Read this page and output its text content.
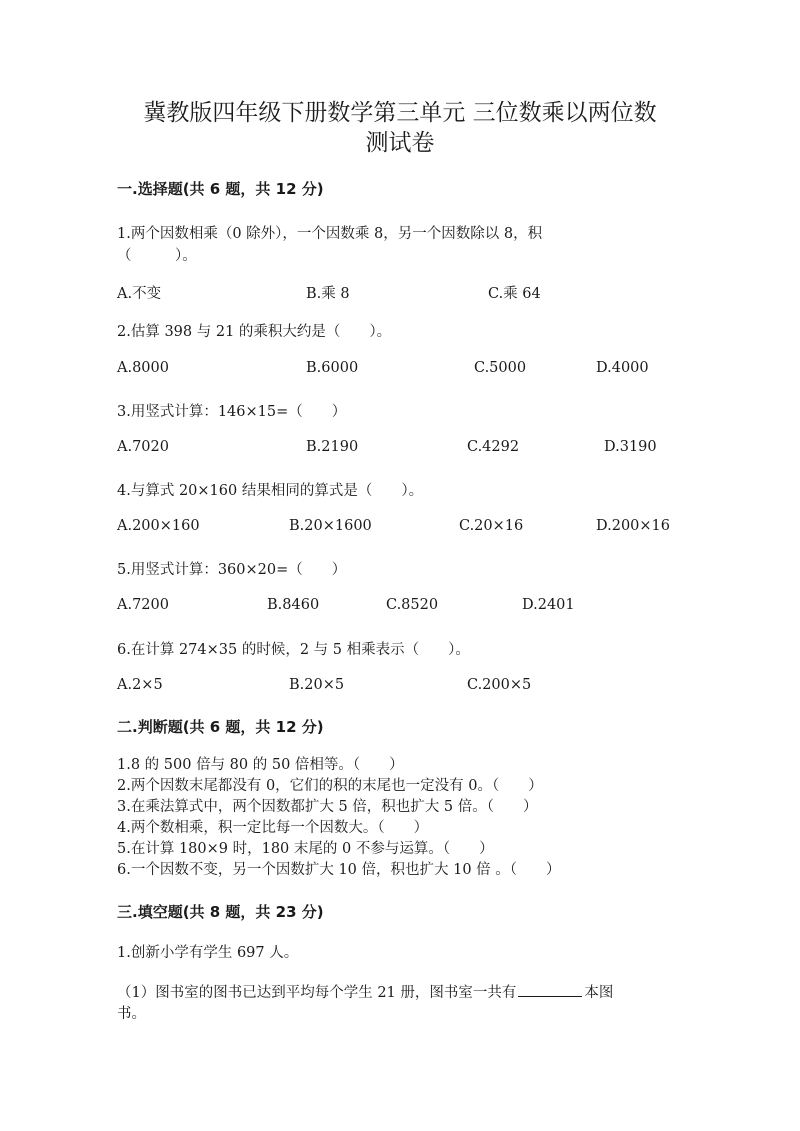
冀教版四年级下册数学第三单元 三位数乘以两位数
测试卷
一.选择题(共 6 题，共 12 分)
1.两个因数相乘（0 除外），一个因数乘 8，另一个因数除以 8，积
（　　　）。
A.不变	B.乘 8	C.乘 64
2.估算 398 与 21 的乘积大约是（　　）。
A.8000	B.6000	C.5000	D.4000
3.用竖式计算：146×15=（　　）
A.7020	B.2190	C.4292	D.3190
4.与算式 20×160 结果相同的算式是（　　）。
A.200×160	B.20×1600	C.20×16	D.200×16
5.用竖式计算：360×20=（　　）
A.7200	B.8460	C.8520	D.2401
6.在计算 274×35 的时候，2 与 5 相乘表示（　　）。
A.2×5	B.20×5	C.200×5
二.判断题(共 6 题，共 12 分)
1.8 的 500 倍与 80 的 50 倍相等。（　　）
2.两个因数末尾都没有 0，它们的积的末尾也一定没有 0。（　　）
3.在乘法算式中，两个因数都扩大 5 倍，积也扩大 5 倍。（　　）
4.两个数相乘，积一定比每一个因数大。（　　）
5.在计算 180×9 时，180 末尾的 0 不参与运算。（　　）
6.一个因数不变，另一个因数扩大 10 倍，积也扩大 10 倍 。（　　）
三.填空题(共 8 题，共 23 分)
1.创新小学有学生 697 人。
（1）图书室的图书已达到平均每个学生 21 册，图书室一共有	本图
书。
